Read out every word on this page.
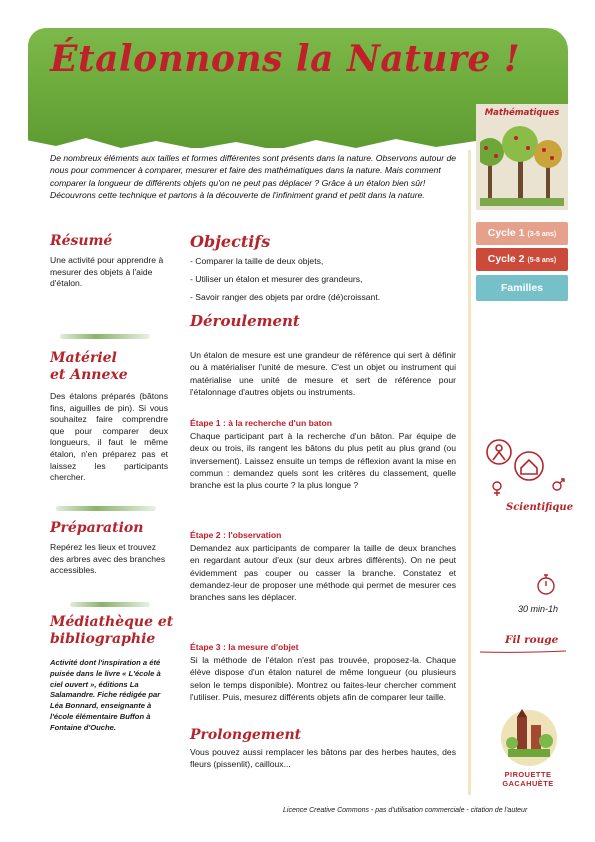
Étalonnons la Nature !
De nombreux éléments aux tailles et formes différentes sont présents dans la nature. Observons autour de nous pour commencer à comparer, mesurer et faire des mathématiques dans la nature. Mais comment comparer la longueur de différents objets qu'on ne peut pas déplacer ? Grâce à un étalon bien sûr! Découvrons cette technique et partons à la découverte de l'infiniment grand et petit dans la nature.
Mathématiques
Cycle 1 (3-5 ans)
Cycle 2 (5-8 ans)
Familles
Résumé
Une activité pour apprendre à mesurer des objets à l'aide d'étalon.
Matériel
et Annexe
Des étalons préparés (bâtons fins, aiguilles de pin). Si vous souhaitez faire comprendre que pour comparer deux longueurs, il faut le même étalon, n'en préparez pas et laissez les participants chercher.
Préparation
Repérez les lieux et trouvez des arbres avec des branches accessibles.
Médiathèque et
bibliographie
Activité dont l'inspiration a été puisée dans le livre « L'école à ciel ouvert », éditions La Salamandre. Fiche rédigée par Léa Bonnard, enseignante à l'école élémentaire Buffon à Fontaine d'Ouche.
Objectifs
- Comparer la taille de deux objets,
- Utiliser un étalon et mesurer des grandeurs,
- Savoir ranger des objets par ordre (dé)croissant.
Déroulement
Un étalon de mesure est une grandeur de référence qui sert à définir ou à matérialiser l'unité de mesure. C'est un objet ou instrument qui matérialise une unité de mesure et sert de référence pour l'étalonnage d'autres objets ou instruments.
Étape 1 : à la recherche d'un baton
Chaque participant part à la recherche d'un bâton. Par équipe de deux ou trois, ils rangent les bâtons du plus petit au plus grand (ou inversement). Laissez ensuite un temps de réflexion avant la mise en commun : demandez quels sont les critères du classement, quelle branche est la plus courte ? la plus longue ?
Étape 2 : l'observation
Demandez aux participants de comparer la taille de deux branches en regardant autour d'eux (sur deux arbres différents). On ne peut évidemment pas couper ou casser la branche. Constatez et demandez-leur de proposer une méthode qui permet de mesurer ces branches sans les déplacer.
Étape 3 : la mesure d'objet
Si la méthode de l'étalon n'est pas trouvée, proposez-la. Chaque élève dispose d'un étalon naturel de même longueur (ou plusieurs selon le temps disponible). Montrez ou faites-leur chercher comment l'utiliser. Puis, mesurez différents objets afin de comparer leur taille.
Prolongement
Vous pouvez aussi remplacer les bâtons par des herbes hautes, des fleurs (pissenlit), cailloux...
Scientifique
30 min-1h
Fil rouge
PIROUETTE GACAHUÈTE
Licence Creative Commons - pas d'utilisation commerciale - citation de l'auteur
